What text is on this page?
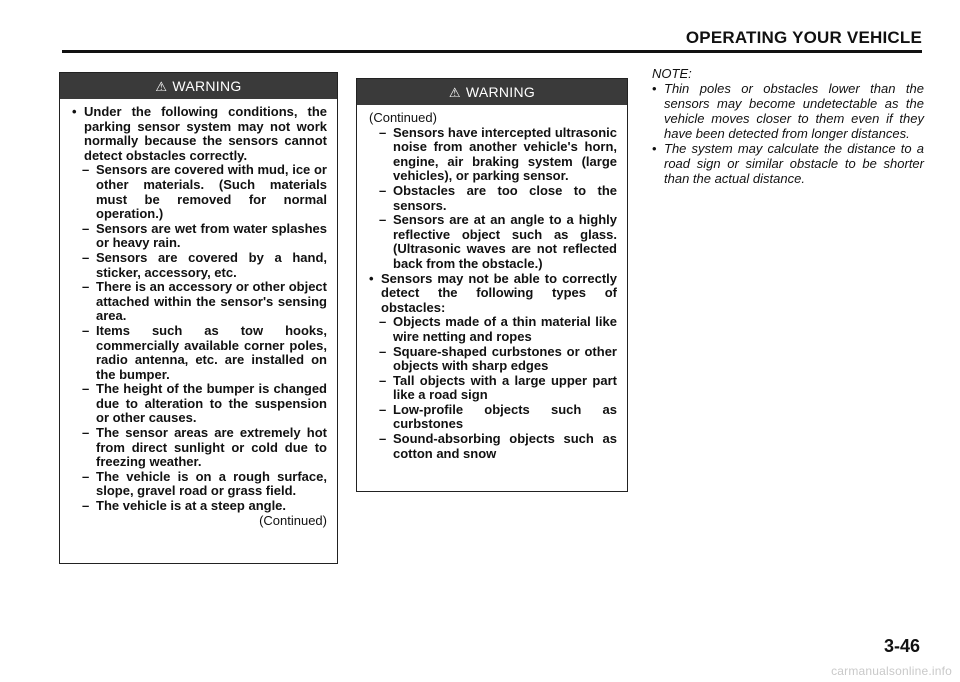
OPERATING YOUR VEHICLE
⚠ WARNING
• Under the following conditions, the parking sensor system may not work normally because the sensors cannot detect obstacles correctly.
– Sensors are covered with mud, ice or other materials. (Such materials must be removed for normal operation.)
– Sensors are wet from water splashes or heavy rain.
– Sensors are covered by a hand, sticker, accessory, etc.
– There is an accessory or other object attached within the sensor's sensing area.
– Items such as tow hooks, commercially available corner poles, radio antenna, etc. are installed on the bumper.
– The height of the bumper is changed due to alteration to the suspension or other causes.
– The sensor areas are extremely hot from direct sunlight or cold due to freezing weather.
– The vehicle is on a rough surface, slope, gravel road or grass field.
– The vehicle is at a steep angle.
(Continued)
⚠ WARNING
(Continued)
– Sensors have intercepted ultrasonic noise from another vehicle's horn, engine, air braking system (large vehicles), or parking sensor.
– Obstacles are too close to the sensors.
– Sensors are at an angle to a highly reflective object such as glass. (Ultrasonic waves are not reflected back from the obstacle.)
• Sensors may not be able to correctly detect the following types of obstacles:
– Objects made of a thin material like wire netting and ropes
– Square-shaped curbstones or other objects with sharp edges
– Tall objects with a large upper part like a road sign
– Low-profile objects such as curbstones
– Sound-absorbing objects such as cotton and snow
NOTE:
• Thin poles or obstacles lower than the sensors may become undetectable as the vehicle moves closer to them even if they have been detected from longer distances.
• The system may calculate the distance to a road sign or similar obstacle to be shorter than the actual distance.
3-46
carmanualsonline.info
